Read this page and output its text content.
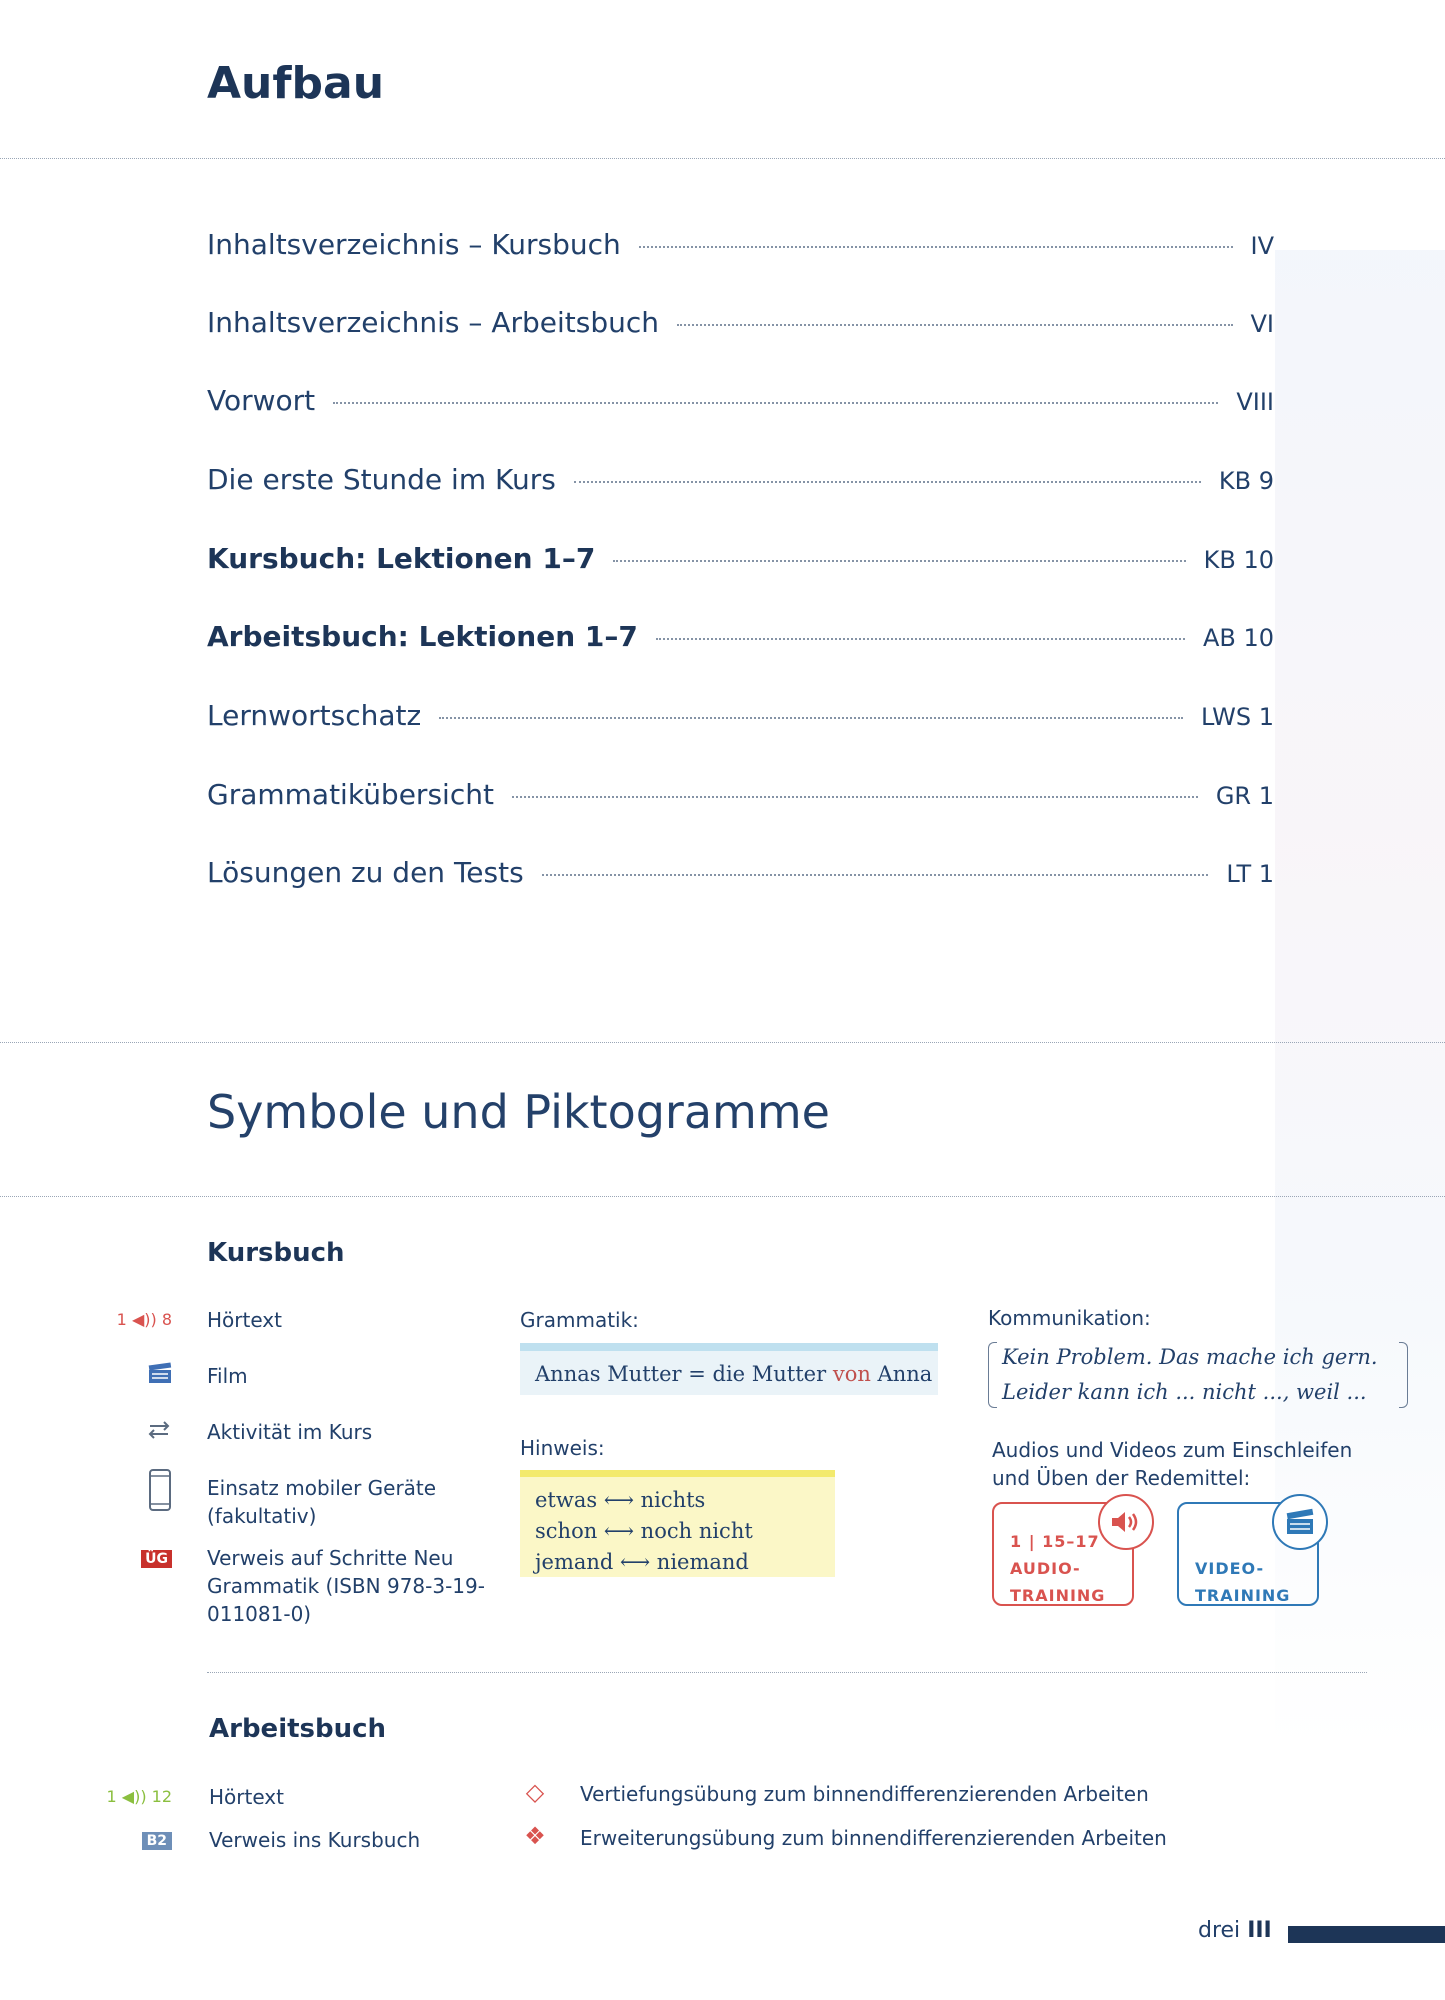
Aufbau
Inhaltsverzeichnis – Kursbuch	IV
Inhaltsverzeichnis – Arbeitsbuch	VI
Vorwort	VIII
Die erste Stunde im Kurs	KB 9
Kursbuch: Lektionen 1–7	KB 10
Arbeitsbuch: Lektionen 1–7	AB 10
Lernwortschatz	LWS 1
Grammatikübersicht	GR 1
Lösungen zu den Tests	LT 1
Symbole und Piktogramme
Kursbuch
1 ◀)) 8 Hörtext
Film
Aktivität im Kurs
Einsatz mobiler Geräte (fakultativ)
ÜG Verweis auf Schritte Neu Grammatik (ISBN 978-3-19-011081-0)
Grammatik:
Annas Mutter = die Mutter von Anna
Hinweis:
etwas ⟷ nichts
schon ⟷ noch nicht
jemand ⟷ niemand
Kommunikation:
Kein Problem. Das mache ich gern.
Leider kann ich ... nicht ..., weil ...
Audios und Videos zum Einschleifen und Üben der Redemittel:
1 | 15–17
AUDIO-
TRAINING
VIDEO-
TRAINING
Arbeitsbuch
1 ◀)) 12 Hörtext
B2 Verweis ins Kursbuch
◇ Vertiefungsübung zum binnendifferenzierenden Arbeiten
❖ Erweiterungsübung zum binnendifferenzierenden Arbeiten
drei III
